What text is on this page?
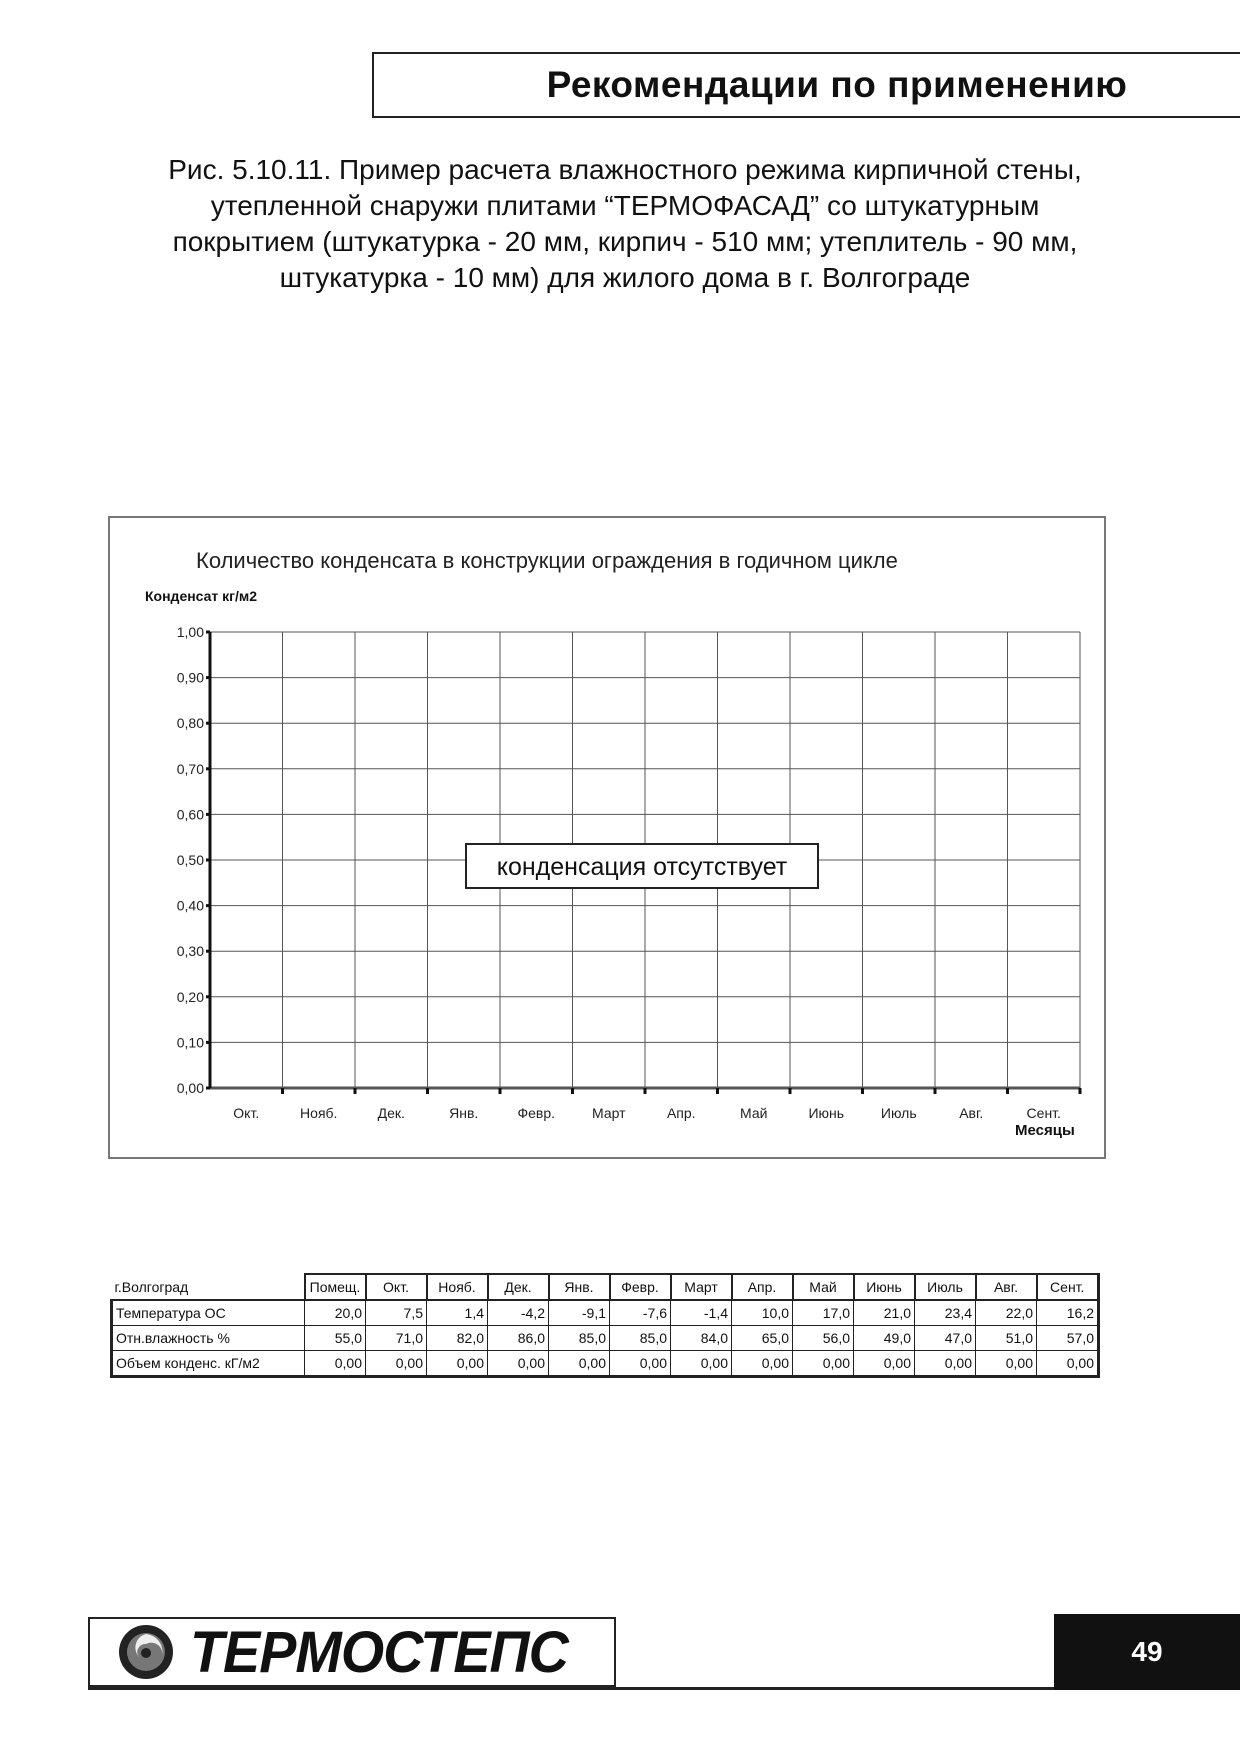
Рекомендации по применению
Рис. 5.10.11. Пример расчета влажностного режима кирпичной стены,
утепленной снаружи плитами “ТЕРМОФАСАД” со штукатурным
покрытием (штукатурка - 20 мм, кирпич - 510 мм; утеплитель - 90 мм,
штукатурка - 10 мм) для жилого дома в г. Волгограде
Количество конденсата в конструкции ограждения в годичном цикле
Конденсат кг/м2
Месяцы
0,00
0,10
0,20
0,30
0,40
0,50
0,60
0,70
0,80
0,90
1,00
Окт.	Нояб.	Дек.	Янв.	Февр.	Март	Апр.	Май	Июнь	Июль	Авг.	Сент.
конденсация отсутствует
г.Волгоград	Помещ.	Окт.	Нояб.	Дек.	Янв.	Февр.	Март	Апр.	Май	Июнь	Июль	Авг.	Сент.
Температура ОС	20,0	7,5	1,4	-4,2	-9,1	-7,6	-1,4	10,0	17,0	21,0	23,4	22,0	16,2
Отн.влажность %	55,0	71,0	82,0	86,0	85,0	85,0	84,0	65,0	56,0	49,0	47,0	51,0	57,0
Объем конденс. кГ/м2	0,00	0,00	0,00	0,00	0,00	0,00	0,00	0,00	0,00	0,00	0,00	0,00	0,00
ТЕРМОСТЕПС	49
